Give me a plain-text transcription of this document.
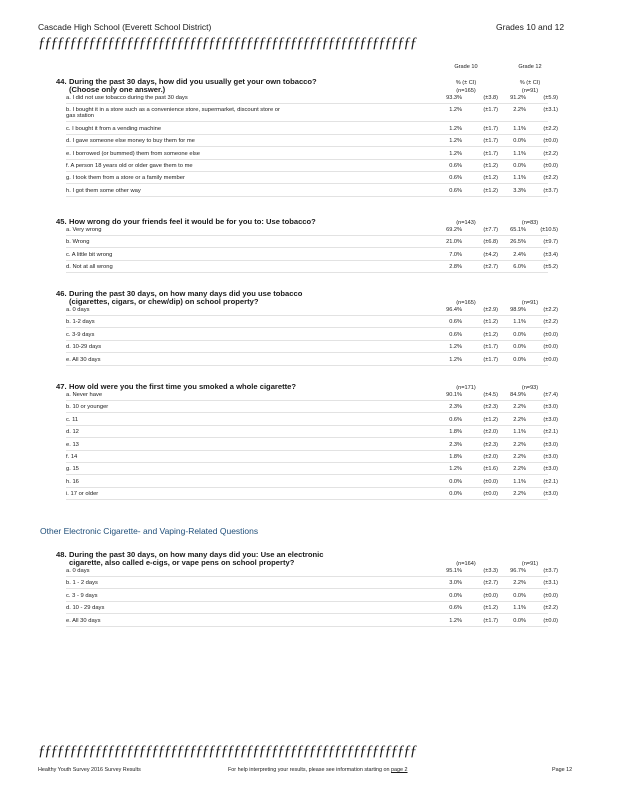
Cascade High School (Everett School District)	Grades 10 and 12
ƒƒƒƒƒƒƒƒƒƒƒƒƒƒƒƒƒƒƒƒƒƒƒƒƒƒƒƒƒƒƒƒƒƒƒƒƒƒƒƒƒƒƒƒƒƒƒƒƒƒƒƒƒƒƒƒƒƒƒƒ
Grade 10	Grade 12
% (± CI)	% (± CI)
44. During the past 30 days, how did you usually get your own tobacco?

(Choose only one answer.)	(n=165)	(n=91)
a. I did not use tobacco during the past 30 days	93.3%	(±3.8)	91.2%	(±5.9)
b. I bought it in a store such as a convenience store, supermarket, discount store or
gas station
1.2%	(±1.7)	2.2%	(±3.1)
c. I bought it from a vending machine	1.2%	(±1.7)	1.1%	(±2.2)
d. I gave someone else money to buy them for me	1.2%	(±1.7)	0.0%	(±0.0)
e. I borrowed (or bummed) them from someone else	1.2%	(±1.7)	1.1%	(±2.2)
f. A person 18 years old or older gave them to me	0.6%	(±1.2)	0.0%	(±0.0)
g. I took them from a store or a family member	0.6%	(±1.2)	1.1%	(±2.2)
h. I got them some other way	0.6%	(±1.2)	3.3%	(±3.7)
45. How wrong do your friends feel it would be for you to: Use tobacco?	(n=143)	(n=83)
a. Very wrong	69.2%	(±7.7)	65.1%	(±10.5)
b. Wrong	21.0%	(±6.8)	26.5%	(±9.7)
c. A little bit wrong	7.0%	(±4.2)	2.4%	(±3.4)
d. Not at all wrong	2.8%	(±2.7)	6.0%	(±5.2)
46. During the past 30 days, on how many days did you use tobacco

(cigarettes, cigars, or chew/dip) on school property?	(n=165)	(n=91)
a. 0 days	96.4%	(±2.9)	98.9%	(±2.2)
b. 1-2 days	0.6%	(±1.2)	1.1%	(±2.2)
c. 3-9 days	0.6%	(±1.2)	0.0%	(±0.0)
d. 10-29 days	1.2%	(±1.7)	0.0%	(±0.0)
e. All 30 days	1.2%	(±1.7)	0.0%	(±0.0)
47. How old were you the first time you smoked a whole cigarette?	(n=171)	(n=93)
a. Never have	90.1%	(±4.5)	84.9%	(±7.4)
b. 10 or younger	2.3%	(±2.3)	2.2%	(±3.0)
c. 11	0.6%	(±1.2)	2.2%	(±3.0)
d. 12	1.8%	(±2.0)	1.1%	(±2.1)
e. 13	2.3%	(±2.3)	2.2%	(±3.0)
f. 14	1.8%	(±2.0)	2.2%	(±3.0)
g. 15	1.2%	(±1.6)	2.2%	(±3.0)
h. 16	0.0%	(±0.0)	1.1%	(±2.1)
i. 17 or older	0.0%	(±0.0)	2.2%	(±3.0)
48. During the past 30 days, on how many days did you: Use an electronic

cigarette, also called e-cigs, or vape pens on school property?	(n=164)	(n=91)
a. 0 days	95.1%	(±3.3)	96.7%	(±3.7)
b. 1 - 2 days	3.0%	(±2.7)	2.2%	(±3.1)
c. 3 - 9 days	0.0%	(±0.0)	0.0%	(±0.0)
d. 10 - 29 days	0.6%	(±1.2)	1.1%	(±2.2)
e. All 30 days	1.2%	(±1.7)	0.0%	(±0.0)
Other Electronic Cigarette- and Vaping-Related Questions
ƒƒƒƒƒƒƒƒƒƒƒƒƒƒƒƒƒƒƒƒƒƒƒƒƒƒƒƒƒƒƒƒƒƒƒƒƒƒƒƒƒƒƒƒƒƒƒƒƒƒƒƒƒƒƒƒƒƒƒƒ
Healthy Youth Survey 2016 Survey Results	For help interpreting your results, please see information starting on page 2	Page 12
